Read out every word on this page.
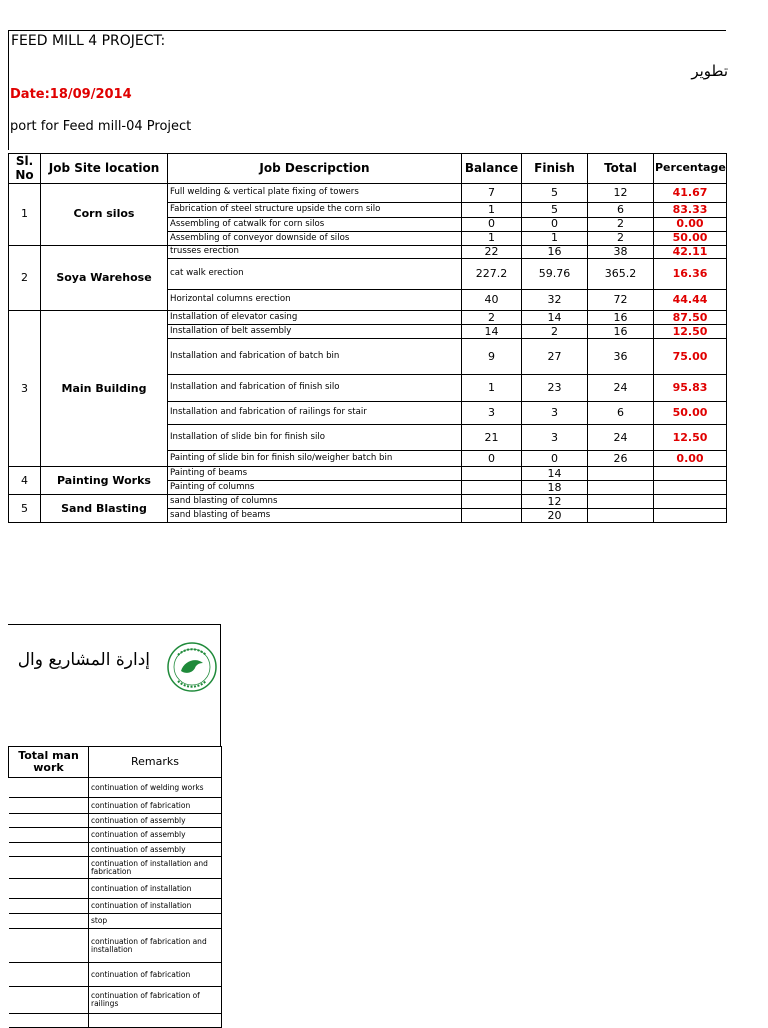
FEED MILL 4 PROJECT:
تطوير
Date:18/09/2014
port for Feed mill-04 Project
Sl. No	Job Site location	Job Descripction	Balance	Finish	Total	Percentage
1	Corn silos	Full welding & vertical plate fixing of towers	7	5	12	41.67
		Fabrication of steel structure upside the corn silo	1	5	6	83.33
		Assembling of catwalk for corn silos	0	0	2	0.00
		Assembling of conveyor downside of silos	1	1	2	50.00
2	Soya Warehose	trusses erection	22	16	38	42.11
		cat walk erection	227.2	59.76	365.2	16.36
		Horizontal columns erection	40	32	72	44.44
3	Main Building	Installation of elevator casing	2	14	16	87.50
		Installation of belt assembly	14	2	16	12.50
		Installation and fabrication of batch bin	9	27	36	75.00
		Installation and fabrication of finish silo	1	23	24	95.83
		Installation and fabrication of railings for stair	3	3	6	50.00
		Installation of slide bin for finish silo	21	3	24	12.50
		Painting of slide bin for finish silo/weigher batch bin	0	0	26	0.00
4	Painting Works	Painting of beams		14		
		Painting of columns		18		
5	Sand Blasting	sand blasting of columns		12		
		sand blasting of beams		20		
إدارة المشاريع وال
Total man work	Remarks
	continuation of welding works
	continuation of fabrication
	continuation of assembly
	continuation of assembly
	continuation of assembly
	continuation of installation and fabrication
	continuation of installation
	continuation of installation
	stop
	continuation of fabrication and installation
	continuation of fabrication
	continuation of fabrication of railings
